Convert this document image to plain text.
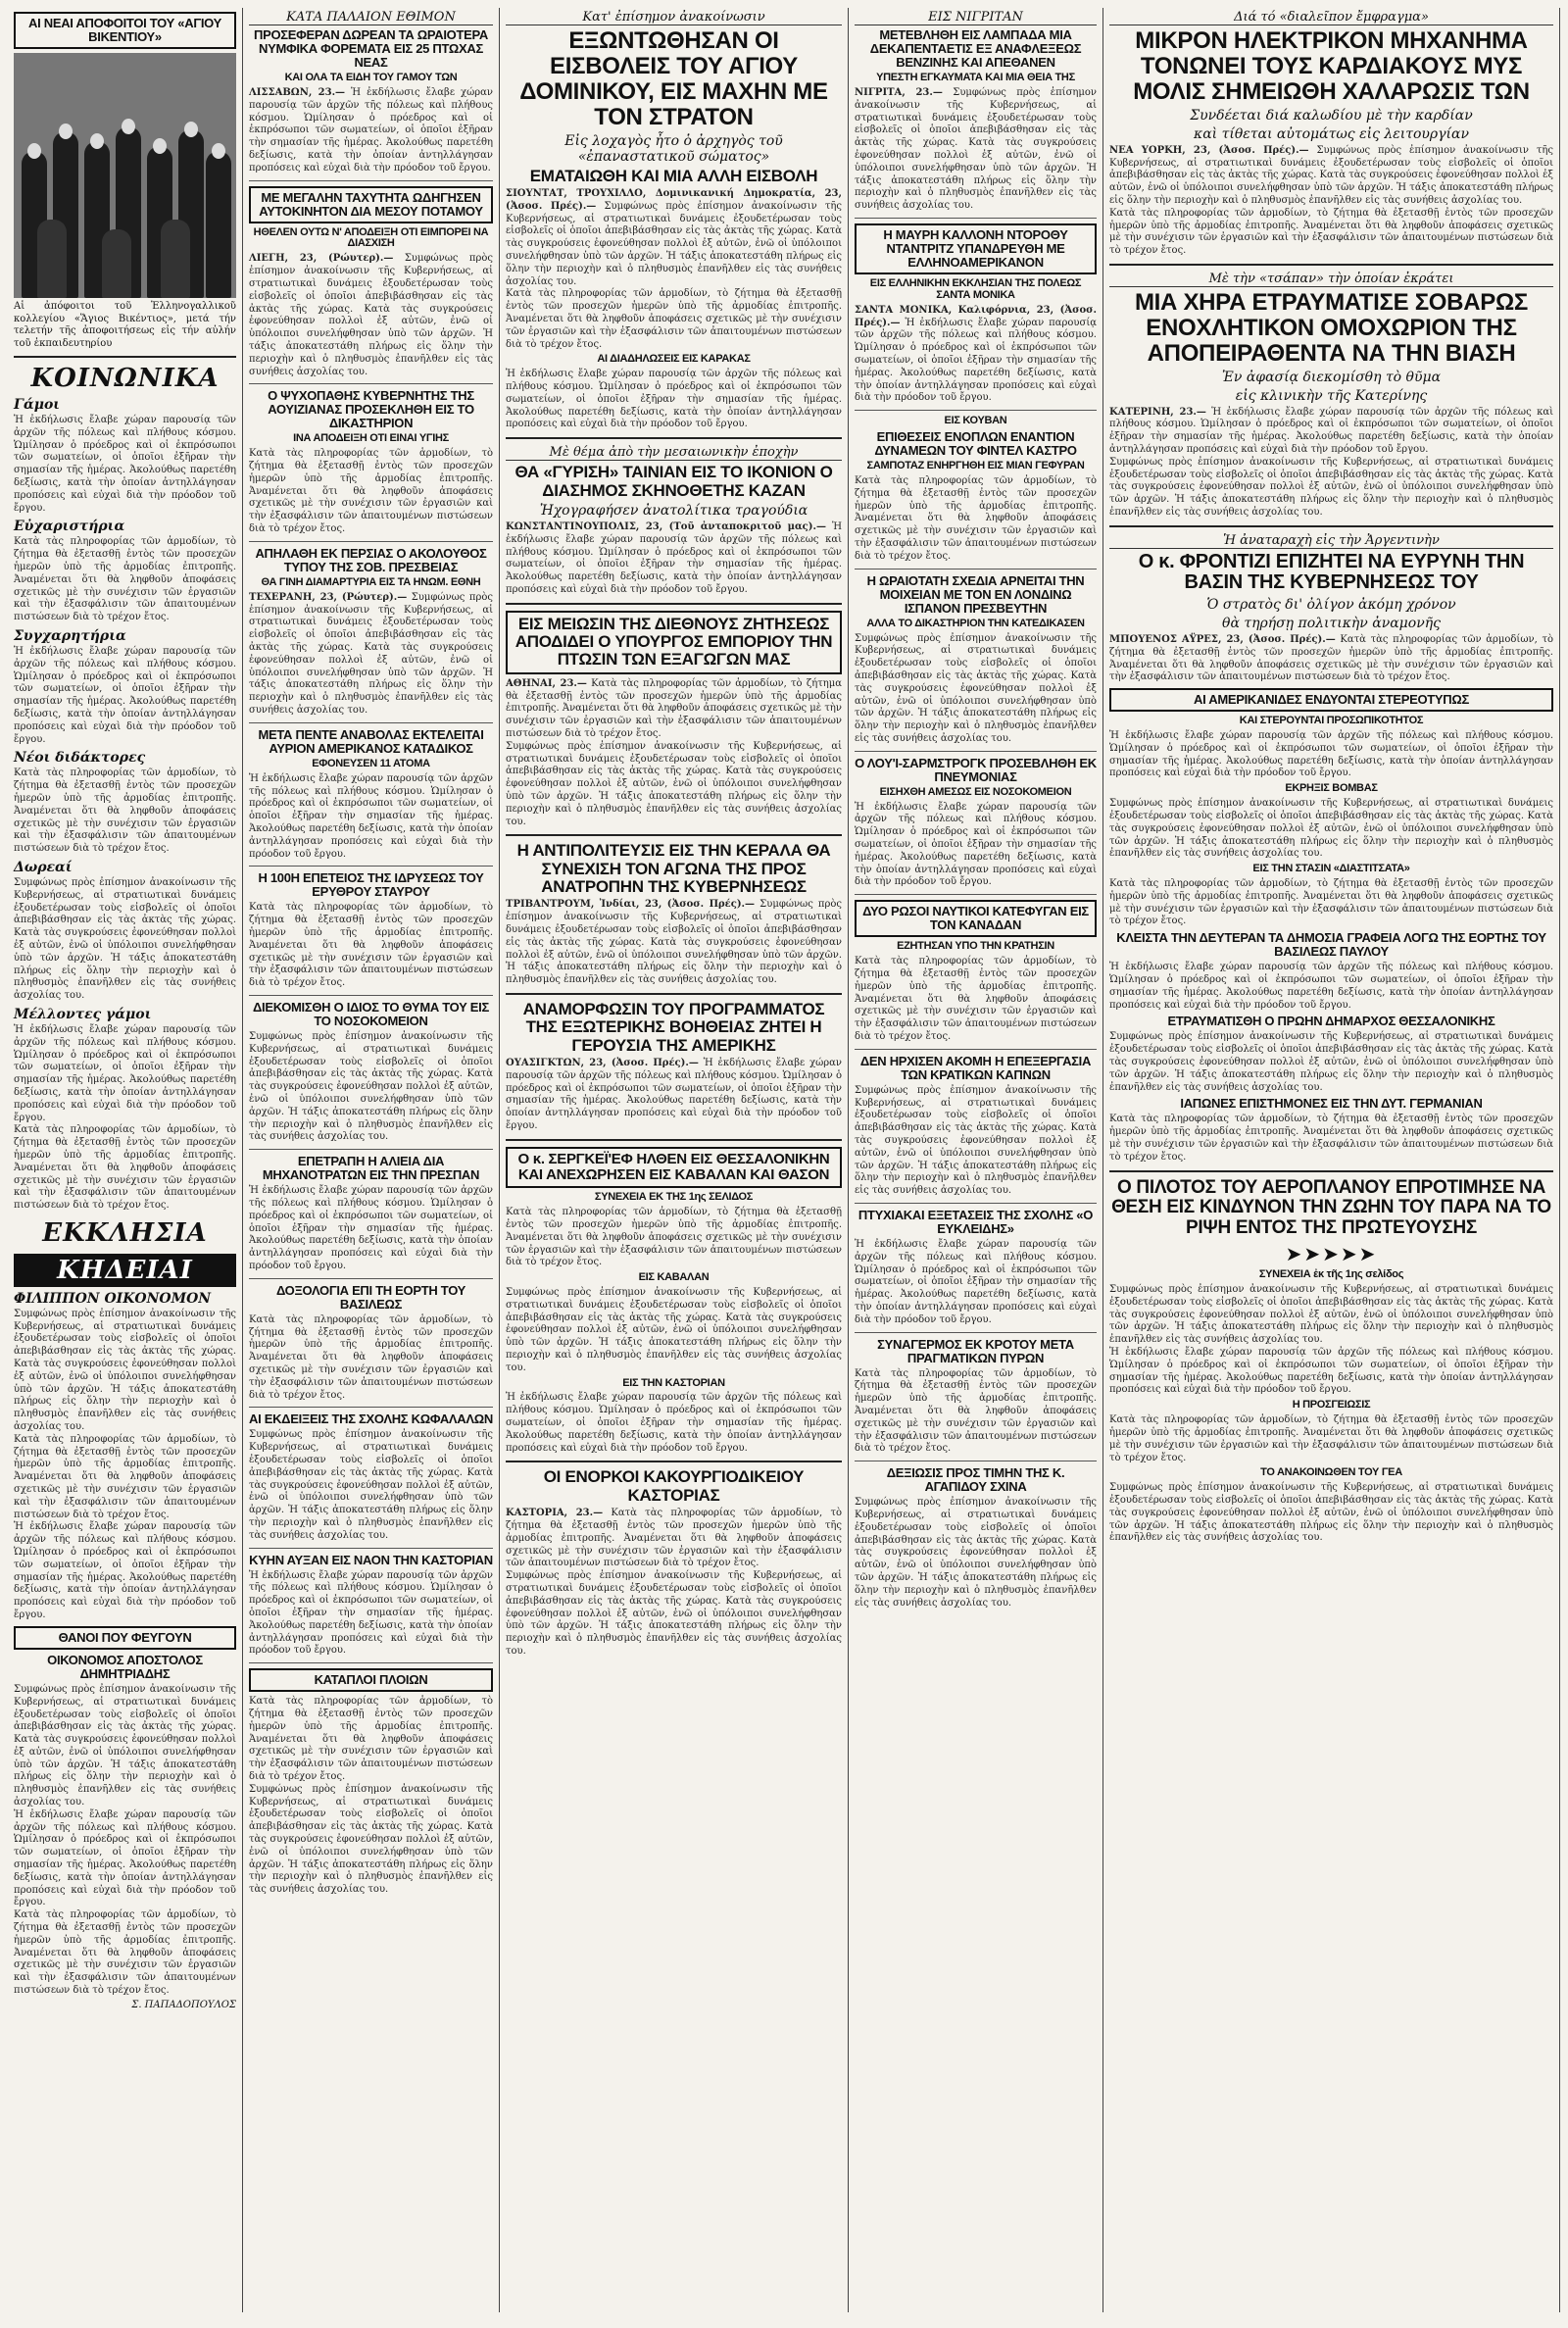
ΑΙ ΝΕΑΙ ΑΠΟΦΟΙΤΟΙ ΤΟΥ «ΑΓΙΟΥ ΒΙΚΕΝΤΙΟΥ»
Αἱ ἀπόφοιτοι τοῦ Ἑλληνογαλλικοῦ κολλεγίου «Ἅγιος Βικέντιος», μετά τήν τελετήν τῆς ἀποφοιτήσεως εἰς τήν αὐλήν τοῦ ἐκπαιδευτηρίου
ΚΟΙΝΩΝΙΚΑ
Γάμοι
Ἡ ἐκδήλωσις ἔλαβε χώραν παρουσίᾳ τῶν ἀρχῶν τῆς πόλεως καὶ πλήθους κόσμου. Ὡμίλησαν ὁ πρόεδρος καὶ οἱ ἐκπρόσωποι τῶν σωματείων, οἱ ὁποῖοι ἐξῆραν τὴν σημασίαν τῆς ἡμέρας. Ἀκολούθως παρετέθη δεξίωσις, κατὰ τὴν ὁποίαν ἀντηλλάγησαν προπόσεις καὶ εὐχαὶ διὰ τὴν πρόοδον τοῦ ἔργου.
Εὐχαριστήρια
Κατὰ τὰς πληροφορίας τῶν ἁρμοδίων, τὸ ζήτημα θὰ ἐξετασθῇ ἐντὸς τῶν προσεχῶν ἡμερῶν ὑπὸ τῆς ἀρμοδίας ἐπιτροπῆς. Ἀναμένεται ὅτι θὰ ληφθοῦν ἀποφάσεις σχετικῶς μὲ τὴν συνέχισιν τῶν ἐργασιῶν καὶ τὴν ἐξασφάλισιν τῶν ἀπαιτουμένων πιστώσεων διὰ τὸ τρέχον ἔτος.
Συγχαρητήρια
Ἡ ἐκδήλωσις ἔλαβε χώραν παρουσίᾳ τῶν ἀρχῶν τῆς πόλεως καὶ πλήθους κόσμου. Ὡμίλησαν ὁ πρόεδρος καὶ οἱ ἐκπρόσωποι τῶν σωματείων, οἱ ὁποῖοι ἐξῆραν τὴν σημασίαν τῆς ἡμέρας. Ἀκολούθως παρετέθη δεξίωσις, κατὰ τὴν ὁποίαν ἀντηλλάγησαν προπόσεις καὶ εὐχαὶ διὰ τὴν πρόοδον τοῦ ἔργου.
Νέοι διδάκτορες
Κατὰ τὰς πληροφορίας τῶν ἁρμοδίων, τὸ ζήτημα θὰ ἐξετασθῇ ἐντὸς τῶν προσεχῶν ἡμερῶν ὑπὸ τῆς ἀρμοδίας ἐπιτροπῆς. Ἀναμένεται ὅτι θὰ ληφθοῦν ἀποφάσεις σχετικῶς μὲ τὴν συνέχισιν τῶν ἐργασιῶν καὶ τὴν ἐξασφάλισιν τῶν ἀπαιτουμένων πιστώσεων διὰ τὸ τρέχον ἔτος.
Δωρεαί
Συμφώνως πρὸς ἐπίσημον ἀνακοίνωσιν τῆς Κυβερνήσεως, αἱ στρατιωτικαὶ δυνάμεις ἐξουδετέρωσαν τοὺς εἰσβολεῖς οἱ ὁποῖοι ἀπεβιβάσθησαν εἰς τὰς ἀκτὰς τῆς χώρας. Κατὰ τὰς συγκρούσεις ἐφονεύθησαν πολλοὶ ἐξ αὐτῶν, ἐνῶ οἱ ὑπόλοιποι συνελήφθησαν ὑπὸ τῶν ἀρχῶν. Ἡ τάξις ἀποκατεστάθη πλήρως εἰς ὅλην τὴν περιοχὴν καὶ ὁ πληθυσμὸς ἐπανῆλθεν εἰς τὰς συνήθεις ἀσχολίας του.
Μέλλοντες γάμοι
Ἡ ἐκδήλωσις ἔλαβε χώραν παρουσίᾳ τῶν ἀρχῶν τῆς πόλεως καὶ πλήθους κόσμου. Ὡμίλησαν ὁ πρόεδρος καὶ οἱ ἐκπρόσωποι τῶν σωματείων, οἱ ὁποῖοι ἐξῆραν τὴν σημασίαν τῆς ἡμέρας. Ἀκολούθως παρετέθη δεξίωσις, κατὰ τὴν ὁποίαν ἀντηλλάγησαν προπόσεις καὶ εὐχαὶ διὰ τὴν πρόοδον τοῦ ἔργου.
Κατὰ τὰς πληροφορίας τῶν ἁρμοδίων, τὸ ζήτημα θὰ ἐξετασθῇ ἐντὸς τῶν προσεχῶν ἡμερῶν ὑπὸ τῆς ἀρμοδίας ἐπιτροπῆς. Ἀναμένεται ὅτι θὰ ληφθοῦν ἀποφάσεις σχετικῶς μὲ τὴν συνέχισιν τῶν ἐργασιῶν καὶ τὴν ἐξασφάλισιν τῶν ἀπαιτουμένων πιστώσεων διὰ τὸ τρέχον ἔτος.
ΕΚΚΛΗΣΙΑ
ΚΗΔΕΙΑΙ
ΦΙΛΙΠΠΟΝ ΟΙΚΟΝΟΜΟΝ
Συμφώνως πρὸς ἐπίσημον ἀνακοίνωσιν τῆς Κυβερνήσεως, αἱ στρατιωτικαὶ δυνάμεις ἐξουδετέρωσαν τοὺς εἰσβολεῖς οἱ ὁποῖοι ἀπεβιβάσθησαν εἰς τὰς ἀκτὰς τῆς χώρας. Κατὰ τὰς συγκρούσεις ἐφονεύθησαν πολλοὶ ἐξ αὐτῶν, ἐνῶ οἱ ὑπόλοιποι συνελήφθησαν ὑπὸ τῶν ἀρχῶν. Ἡ τάξις ἀποκατεστάθη πλήρως εἰς ὅλην τὴν περιοχὴν καὶ ὁ πληθυσμὸς ἐπανῆλθεν εἰς τὰς συνήθεις ἀσχολίας του.
Κατὰ τὰς πληροφορίας τῶν ἁρμοδίων, τὸ ζήτημα θὰ ἐξετασθῇ ἐντὸς τῶν προσεχῶν ἡμερῶν ὑπὸ τῆς ἀρμοδίας ἐπιτροπῆς. Ἀναμένεται ὅτι θὰ ληφθοῦν ἀποφάσεις σχετικῶς μὲ τὴν συνέχισιν τῶν ἐργασιῶν καὶ τὴν ἐξασφάλισιν τῶν ἀπαιτουμένων πιστώσεων διὰ τὸ τρέχον ἔτος.
Ἡ ἐκδήλωσις ἔλαβε χώραν παρουσίᾳ τῶν ἀρχῶν τῆς πόλεως καὶ πλήθους κόσμου. Ὡμίλησαν ὁ πρόεδρος καὶ οἱ ἐκπρόσωποι τῶν σωματείων, οἱ ὁποῖοι ἐξῆραν τὴν σημασίαν τῆς ἡμέρας. Ἀκολούθως παρετέθη δεξίωσις, κατὰ τὴν ὁποίαν ἀντηλλάγησαν προπόσεις καὶ εὐχαὶ διὰ τὴν πρόοδον τοῦ ἔργου.
ΘΑΝΟΙ ΠΟΥ ΦΕΥΓΟΥΝ
ΟΙΚΟΝΟΜΟΣ ΑΠΟΣΤΟΛΟΣ ΔΗΜΗΤΡΙΑΔΗΣ
Συμφώνως πρὸς ἐπίσημον ἀνακοίνωσιν τῆς Κυβερνήσεως, αἱ στρατιωτικαὶ δυνάμεις ἐξουδετέρωσαν τοὺς εἰσβολεῖς οἱ ὁποῖοι ἀπεβιβάσθησαν εἰς τὰς ἀκτὰς τῆς χώρας. Κατὰ τὰς συγκρούσεις ἐφονεύθησαν πολλοὶ ἐξ αὐτῶν, ἐνῶ οἱ ὑπόλοιποι συνελήφθησαν ὑπὸ τῶν ἀρχῶν. Ἡ τάξις ἀποκατεστάθη πλήρως εἰς ὅλην τὴν περιοχὴν καὶ ὁ πληθυσμὸς ἐπανῆλθεν εἰς τὰς συνήθεις ἀσχολίας του.
Ἡ ἐκδήλωσις ἔλαβε χώραν παρουσίᾳ τῶν ἀρχῶν τῆς πόλεως καὶ πλήθους κόσμου. Ὡμίλησαν ὁ πρόεδρος καὶ οἱ ἐκπρόσωποι τῶν σωματείων, οἱ ὁποῖοι ἐξῆραν τὴν σημασίαν τῆς ἡμέρας. Ἀκολούθως παρετέθη δεξίωσις, κατὰ τὴν ὁποίαν ἀντηλλάγησαν προπόσεις καὶ εὐχαὶ διὰ τὴν πρόοδον τοῦ ἔργου.
Κατὰ τὰς πληροφορίας τῶν ἁρμοδίων, τὸ ζήτημα θὰ ἐξετασθῇ ἐντὸς τῶν προσεχῶν ἡμερῶν ὑπὸ τῆς ἀρμοδίας ἐπιτροπῆς. Ἀναμένεται ὅτι θὰ ληφθοῦν ἀποφάσεις σχετικῶς μὲ τὴν συνέχισιν τῶν ἐργασιῶν καὶ τὴν ἐξασφάλισιν τῶν ἀπαιτουμένων πιστώσεων διὰ τὸ τρέχον ἔτος.
Σ. ΠΑΠΑΔΟΠΟΥΛΟΣ
ΚΑΤΑ ΠΑΛΑΙΟΝ ΕΘΙΜΟΝ
ΠΡΟΣΕΦΕΡΑΝ ΔΩΡΕΑΝ ΤΑ ΩΡΑΙΟΤΕΡΑ ΝΥΜΦΙΚΑ ΦΟΡΕΜΑΤΑ ΕΙΣ 25 ΠΤΩΧΑΣ ΝΕΑΣ
ΚΑΙ ΟΛΑ ΤΑ ΕΙΔΗ ΤΟΥ ΓΑΜΟΥ ΤΩΝ
ΛΙΣΣΑΒΩΝ, 23.— Ἡ ἐκδήλωσις ἔλαβε χώραν παρουσίᾳ τῶν ἀρχῶν τῆς πόλεως καὶ πλήθους κόσμου. Ὡμίλησαν ὁ πρόεδρος καὶ οἱ ἐκπρόσωποι τῶν σωματείων, οἱ ὁποῖοι ἐξῆραν τὴν σημασίαν τῆς ἡμέρας. Ἀκολούθως παρετέθη δεξίωσις, κατὰ τὴν ὁποίαν ἀντηλλάγησαν προπόσεις καὶ εὐχαὶ διὰ τὴν πρόοδον τοῦ ἔργου.
ΜΕ ΜΕΓΑΛΗΝ ΤΑΧΥΤΗΤΑ ΩΔΗΓΗΣΕΝ ΑΥΤΟΚΙΝΗΤΟΝ ΔΙΑ ΜΕΣΟΥ ΠΟΤΑΜΟΥ
ΗΘΕΛΕΝ ΟΥΤΩ Ν' ΑΠΟΔΕΙΞΗ ΟΤΙ ΕΙΜΠΟΡΕΙ ΝΑ ΔΙΑΣΧΙΣΗ
ΛΙΕΓΗ, 23, (Ρώυτερ).— Συμφώνως πρὸς ἐπίσημον ἀνακοίνωσιν τῆς Κυβερνήσεως, αἱ στρατιωτικαὶ δυνάμεις ἐξουδετέρωσαν τοὺς εἰσβολεῖς οἱ ὁποῖοι ἀπεβιβάσθησαν εἰς τὰς ἀκτὰς τῆς χώρας. Κατὰ τὰς συγκρούσεις ἐφονεύθησαν πολλοὶ ἐξ αὐτῶν, ἐνῶ οἱ ὑπόλοιποι συνελήφθησαν ὑπὸ τῶν ἀρχῶν. Ἡ τάξις ἀποκατεστάθη πλήρως εἰς ὅλην τὴν περιοχὴν καὶ ὁ πληθυσμὸς ἐπανῆλθεν εἰς τὰς συνήθεις ἀσχολίας του.
Ο ΨΥΧΟΠΑΘΗΣ ΚΥΒΕΡΝΗΤΗΣ ΤΗΣ ΑΟΥΙΖΙΑΝΑΣ ΠΡΟΣΕΚΛΗΘΗ ΕΙΣ ΤΟ ΔΙΚΑΣΤΗΡΙΟΝ
ΙΝΑ ΑΠΟΔΕΙΞΗ ΟΤΙ ΕΙΝΑΙ ΥΓΙΗΣ
Κατὰ τὰς πληροφορίας τῶν ἁρμοδίων, τὸ ζήτημα θὰ ἐξετασθῇ ἐντὸς τῶν προσεχῶν ἡμερῶν ὑπὸ τῆς ἀρμοδίας ἐπιτροπῆς. Ἀναμένεται ὅτι θὰ ληφθοῦν ἀποφάσεις σχετικῶς μὲ τὴν συνέχισιν τῶν ἐργασιῶν καὶ τὴν ἐξασφάλισιν τῶν ἀπαιτουμένων πιστώσεων διὰ τὸ τρέχον ἔτος.
ΑΠΗΛΑΘΗ ΕΚ ΠΕΡΣΙΑΣ Ο ΑΚΟΛΟΥΘΟΣ ΤΥΠΟΥ ΤΗΣ ΣΟΒ. ΠΡΕΣΒΕΙΑΣ
ΘΑ ΓΙΝΗ ΔΙΑΜΑΡΤΥΡΙΑ ΕΙΣ ΤΑ ΗΝΩΜ. ΕΘΝΗ
ΤΕΧΕΡΑΝΗ, 23, (Ρώυτερ).— Συμφώνως πρὸς ἐπίσημον ἀνακοίνωσιν τῆς Κυβερνήσεως, αἱ στρατιωτικαὶ δυνάμεις ἐξουδετέρωσαν τοὺς εἰσβολεῖς οἱ ὁποῖοι ἀπεβιβάσθησαν εἰς τὰς ἀκτὰς τῆς χώρας. Κατὰ τὰς συγκρούσεις ἐφονεύθησαν πολλοὶ ἐξ αὐτῶν, ἐνῶ οἱ ὑπόλοιποι συνελήφθησαν ὑπὸ τῶν ἀρχῶν. Ἡ τάξις ἀποκατεστάθη πλήρως εἰς ὅλην τὴν περιοχὴν καὶ ὁ πληθυσμὸς ἐπανῆλθεν εἰς τὰς συνήθεις ἀσχολίας του.
ΜΕΤΑ ΠΕΝΤΕ ΑΝΑΒΟΛΑΣ ΕΚΤΕΛΕΙΤΑΙ ΑΥΡΙΟΝ ΑΜΕΡΙΚΑΝΟΣ ΚΑΤΑΔΙΚΟΣ
ΕΦΟΝΕΥΣΕΝ 11 ΑΤΟΜΑ
Ἡ ἐκδήλωσις ἔλαβε χώραν παρουσίᾳ τῶν ἀρχῶν τῆς πόλεως καὶ πλήθους κόσμου. Ὡμίλησαν ὁ πρόεδρος καὶ οἱ ἐκπρόσωποι τῶν σωματείων, οἱ ὁποῖοι ἐξῆραν τὴν σημασίαν τῆς ἡμέρας. Ἀκολούθως παρετέθη δεξίωσις, κατὰ τὴν ὁποίαν ἀντηλλάγησαν προπόσεις καὶ εὐχαὶ διὰ τὴν πρόοδον τοῦ ἔργου.
Η 100Η ΕΠΕΤΕΙΟΣ ΤΗΣ ΙΔΡΥΣΕΩΣ ΤΟΥ ΕΡΥΘΡΟΥ ΣΤΑΥΡΟΥ
Κατὰ τὰς πληροφορίας τῶν ἁρμοδίων, τὸ ζήτημα θὰ ἐξετασθῇ ἐντὸς τῶν προσεχῶν ἡμερῶν ὑπὸ τῆς ἀρμοδίας ἐπιτροπῆς. Ἀναμένεται ὅτι θὰ ληφθοῦν ἀποφάσεις σχετικῶς μὲ τὴν συνέχισιν τῶν ἐργασιῶν καὶ τὴν ἐξασφάλισιν τῶν ἀπαιτουμένων πιστώσεων διὰ τὸ τρέχον ἔτος.
ΔΙΕΚΟΜΙΣΘΗ Ο ΙΔΙΟΣ ΤΟ ΘΥΜΑ ΤΟΥ ΕΙΣ ΤΟ ΝΟΣΟΚΟΜΕΙΟΝ
Συμφώνως πρὸς ἐπίσημον ἀνακοίνωσιν τῆς Κυβερνήσεως, αἱ στρατιωτικαὶ δυνάμεις ἐξουδετέρωσαν τοὺς εἰσβολεῖς οἱ ὁποῖοι ἀπεβιβάσθησαν εἰς τὰς ἀκτὰς τῆς χώρας. Κατὰ τὰς συγκρούσεις ἐφονεύθησαν πολλοὶ ἐξ αὐτῶν, ἐνῶ οἱ ὑπόλοιποι συνελήφθησαν ὑπὸ τῶν ἀρχῶν. Ἡ τάξις ἀποκατεστάθη πλήρως εἰς ὅλην τὴν περιοχὴν καὶ ὁ πληθυσμὸς ἐπανῆλθεν εἰς τὰς συνήθεις ἀσχολίας του.
ΕΠΕΤΡΑΠΗ Η ΑΛΙΕΙΑ ΔΙΑ ΜΗΧΑΝΟΤΡΑΤΩΝ ΕΙΣ ΤΗΝ ΠΡΕΣΠΑΝ
Ἡ ἐκδήλωσις ἔλαβε χώραν παρουσίᾳ τῶν ἀρχῶν τῆς πόλεως καὶ πλήθους κόσμου. Ὡμίλησαν ὁ πρόεδρος καὶ οἱ ἐκπρόσωποι τῶν σωματείων, οἱ ὁποῖοι ἐξῆραν τὴν σημασίαν τῆς ἡμέρας. Ἀκολούθως παρετέθη δεξίωσις, κατὰ τὴν ὁποίαν ἀντηλλάγησαν προπόσεις καὶ εὐχαὶ διὰ τὴν πρόοδον τοῦ ἔργου.
ΔΟΞΟΛΟΓΙΑ ΕΠΙ ΤΗ ΕΟΡΤΗ ΤΟΥ ΒΑΣΙΛΕΩΣ
Κατὰ τὰς πληροφορίας τῶν ἁρμοδίων, τὸ ζήτημα θὰ ἐξετασθῇ ἐντὸς τῶν προσεχῶν ἡμερῶν ὑπὸ τῆς ἀρμοδίας ἐπιτροπῆς. Ἀναμένεται ὅτι θὰ ληφθοῦν ἀποφάσεις σχετικῶς μὲ τὴν συνέχισιν τῶν ἐργασιῶν καὶ τὴν ἐξασφάλισιν τῶν ἀπαιτουμένων πιστώσεων διὰ τὸ τρέχον ἔτος.
ΑΙ ΕΚΔΕΙΞΕΙΣ ΤΗΣ ΣΧΟΛΗΣ ΚΩΦΑΛΑΛΩΝ
Συμφώνως πρὸς ἐπίσημον ἀνακοίνωσιν τῆς Κυβερνήσεως, αἱ στρατιωτικαὶ δυνάμεις ἐξουδετέρωσαν τοὺς εἰσβολεῖς οἱ ὁποῖοι ἀπεβιβάσθησαν εἰς τὰς ἀκτὰς τῆς χώρας. Κατὰ τὰς συγκρούσεις ἐφονεύθησαν πολλοὶ ἐξ αὐτῶν, ἐνῶ οἱ ὑπόλοιποι συνελήφθησαν ὑπὸ τῶν ἀρχῶν. Ἡ τάξις ἀποκατεστάθη πλήρως εἰς ὅλην τὴν περιοχὴν καὶ ὁ πληθυσμὸς ἐπανῆλθεν εἰς τὰς συνήθεις ἀσχολίας του.
ΚΥΗΝ ΑΥΞΑΝ ΕΙΣ ΝΑΟΝ ΤΗΝ ΚΑΣΤΟΡΙΑΝ
Ἡ ἐκδήλωσις ἔλαβε χώραν παρουσίᾳ τῶν ἀρχῶν τῆς πόλεως καὶ πλήθους κόσμου. Ὡμίλησαν ὁ πρόεδρος καὶ οἱ ἐκπρόσωποι τῶν σωματείων, οἱ ὁποῖοι ἐξῆραν τὴν σημασίαν τῆς ἡμέρας. Ἀκολούθως παρετέθη δεξίωσις, κατὰ τὴν ὁποίαν ἀντηλλάγησαν προπόσεις καὶ εὐχαὶ διὰ τὴν πρόοδον τοῦ ἔργου.
ΚΑΤΑΠΛΟΙ ΠΛΟΙΩΝ
Κατὰ τὰς πληροφορίας τῶν ἁρμοδίων, τὸ ζήτημα θὰ ἐξετασθῇ ἐντὸς τῶν προσεχῶν ἡμερῶν ὑπὸ τῆς ἀρμοδίας ἐπιτροπῆς. Ἀναμένεται ὅτι θὰ ληφθοῦν ἀποφάσεις σχετικῶς μὲ τὴν συνέχισιν τῶν ἐργασιῶν καὶ τὴν ἐξασφάλισιν τῶν ἀπαιτουμένων πιστώσεων διὰ τὸ τρέχον ἔτος.
Συμφώνως πρὸς ἐπίσημον ἀνακοίνωσιν τῆς Κυβερνήσεως, αἱ στρατιωτικαὶ δυνάμεις ἐξουδετέρωσαν τοὺς εἰσβολεῖς οἱ ὁποῖοι ἀπεβιβάσθησαν εἰς τὰς ἀκτὰς τῆς χώρας. Κατὰ τὰς συγκρούσεις ἐφονεύθησαν πολλοὶ ἐξ αὐτῶν, ἐνῶ οἱ ὑπόλοιποι συνελήφθησαν ὑπὸ τῶν ἀρχῶν. Ἡ τάξις ἀποκατεστάθη πλήρως εἰς ὅλην τὴν περιοχὴν καὶ ὁ πληθυσμὸς ἐπανῆλθεν εἰς τὰς συνήθεις ἀσχολίας του.
Κατ' ἐπίσημον ἀνακοίνωσιν
ΕΞΩΝΤΩΘΗΣΑΝ ΟΙ ΕΙΣΒΟΛΕΙΣ ΤΟΥ ΑΓΙΟΥ ΔΟΜΙΝΙΚΟΥ, ΕΙΣ ΜΑΧΗΝ ΜΕ ΤΟΝ ΣΤΡΑΤΟΝ
Εἰς λοχαγὸς ἦτο ὁ ἀρχηγὸς τοῦ «ἐπαναστατικοῦ σώματος»
ΕΜΑΤΑΙΩΘΗ ΚΑΙ ΜΙΑ ΑΛΛΗ ΕΙΣΒΟΛΗ
ΣΙΟΥΝΤΑΤ, ΤΡΟΥΧΙΛΛΟ, Δομινικανική Δημοκρατία, 23, (Ἀσοσ. Πρές).— Συμφώνως πρὸς ἐπίσημον ἀνακοίνωσιν τῆς Κυβερνήσεως, αἱ στρατιωτικαὶ δυνάμεις ἐξουδετέρωσαν τοὺς εἰσβολεῖς οἱ ὁποῖοι ἀπεβιβάσθησαν εἰς τὰς ἀκτὰς τῆς χώρας. Κατὰ τὰς συγκρούσεις ἐφονεύθησαν πολλοὶ ἐξ αὐτῶν, ἐνῶ οἱ ὑπόλοιποι συνελήφθησαν ὑπὸ τῶν ἀρχῶν. Ἡ τάξις ἀποκατεστάθη πλήρως εἰς ὅλην τὴν περιοχὴν καὶ ὁ πληθυσμὸς ἐπανῆλθεν εἰς τὰς συνήθεις ἀσχολίας του.
Κατὰ τὰς πληροφορίας τῶν ἁρμοδίων, τὸ ζήτημα θὰ ἐξετασθῇ ἐντὸς τῶν προσεχῶν ἡμερῶν ὑπὸ τῆς ἀρμοδίας ἐπιτροπῆς. Ἀναμένεται ὅτι θὰ ληφθοῦν ἀποφάσεις σχετικῶς μὲ τὴν συνέχισιν τῶν ἐργασιῶν καὶ τὴν ἐξασφάλισιν τῶν ἀπαιτουμένων πιστώσεων διὰ τὸ τρέχον ἔτος.
ΑΙ ΔΙΑΔΗΛΩΣΕΙΣ ΕΙΣ ΚΑΡΑΚΑΣ
Ἡ ἐκδήλωσις ἔλαβε χώραν παρουσίᾳ τῶν ἀρχῶν τῆς πόλεως καὶ πλήθους κόσμου. Ὡμίλησαν ὁ πρόεδρος καὶ οἱ ἐκπρόσωποι τῶν σωματείων, οἱ ὁποῖοι ἐξῆραν τὴν σημασίαν τῆς ἡμέρας. Ἀκολούθως παρετέθη δεξίωσις, κατὰ τὴν ὁποίαν ἀντηλλάγησαν προπόσεις καὶ εὐχαὶ διὰ τὴν πρόοδον τοῦ ἔργου.
Μὲ θέμα ἀπὸ τὴν μεσαιωνικὴν ἐποχὴν
ΘΑ «ΓΥΡΙΣΗ» ΤΑΙΝΙΑΝ ΕΙΣ ΤΟ ΙΚΟΝΙΟΝ Ο ΔΙΑΣΗΜΟΣ ΣΚΗΝΟΘΕΤΗΣ ΚΑΖΑΝ
Ἠχογραφήσεν ἀνατολίτικα τραγούδια
ΚΩΝΣΤΑΝΤΙΝΟΥΠΟΛΙΣ, 23, (Τοῦ ἀνταποκριτοῦ μας).— Ἡ ἐκδήλωσις ἔλαβε χώραν παρουσίᾳ τῶν ἀρχῶν τῆς πόλεως καὶ πλήθους κόσμου. Ὡμίλησαν ὁ πρόεδρος καὶ οἱ ἐκπρόσωποι τῶν σωματείων, οἱ ὁποῖοι ἐξῆραν τὴν σημασίαν τῆς ἡμέρας. Ἀκολούθως παρετέθη δεξίωσις, κατὰ τὴν ὁποίαν ἀντηλλάγησαν προπόσεις καὶ εὐχαὶ διὰ τὴν πρόοδον τοῦ ἔργου.
ΕΙΣ ΜΕΙΩΣΙΝ ΤΗΣ ΔΙΕΘΝΟΥΣ ΖΗΤΗΣΕΩΣ ΑΠΟΔΙΔΕΙ Ο ΥΠΟΥΡΓΟΣ ΕΜΠΟΡΙΟΥ ΤΗΝ ΠΤΩΣΙΝ ΤΩΝ ΕΞΑΓΩΓΩΝ ΜΑΣ
ΑΘΗΝΑΙ, 23.— Κατὰ τὰς πληροφορίας τῶν ἁρμοδίων, τὸ ζήτημα θὰ ἐξετασθῇ ἐντὸς τῶν προσεχῶν ἡμερῶν ὑπὸ τῆς ἀρμοδίας ἐπιτροπῆς. Ἀναμένεται ὅτι θὰ ληφθοῦν ἀποφάσεις σχετικῶς μὲ τὴν συνέχισιν τῶν ἐργασιῶν καὶ τὴν ἐξασφάλισιν τῶν ἀπαιτουμένων πιστώσεων διὰ τὸ τρέχον ἔτος.
Συμφώνως πρὸς ἐπίσημον ἀνακοίνωσιν τῆς Κυβερνήσεως, αἱ στρατιωτικαὶ δυνάμεις ἐξουδετέρωσαν τοὺς εἰσβολεῖς οἱ ὁποῖοι ἀπεβιβάσθησαν εἰς τὰς ἀκτὰς τῆς χώρας. Κατὰ τὰς συγκρούσεις ἐφονεύθησαν πολλοὶ ἐξ αὐτῶν, ἐνῶ οἱ ὑπόλοιποι συνελήφθησαν ὑπὸ τῶν ἀρχῶν. Ἡ τάξις ἀποκατεστάθη πλήρως εἰς ὅλην τὴν περιοχὴν καὶ ὁ πληθυσμὸς ἐπανῆλθεν εἰς τὰς συνήθεις ἀσχολίας του.
Η ΑΝΤΙΠΟΛΙΤΕΥΣΙΣ ΕΙΣ ΤΗΝ ΚΕΡΑΛΑ ΘΑ ΣΥΝΕΧΙΣΗ ΤΟΝ ΑΓΩΝΑ ΤΗΣ ΠΡΟΣ ΑΝΑΤΡΟΠΗΝ ΤΗΣ ΚΥΒΕΡΝΗΣΕΩΣ
ΤΡΙΒΑΝΤΡΟΥΜ, Ἰνδίαι, 23, (Ἀσοσ. Πρές).— Συμφώνως πρὸς ἐπίσημον ἀνακοίνωσιν τῆς Κυβερνήσεως, αἱ στρατιωτικαὶ δυνάμεις ἐξουδετέρωσαν τοὺς εἰσβολεῖς οἱ ὁποῖοι ἀπεβιβάσθησαν εἰς τὰς ἀκτὰς τῆς χώρας. Κατὰ τὰς συγκρούσεις ἐφονεύθησαν πολλοὶ ἐξ αὐτῶν, ἐνῶ οἱ ὑπόλοιποι συνελήφθησαν ὑπὸ τῶν ἀρχῶν. Ἡ τάξις ἀποκατεστάθη πλήρως εἰς ὅλην τὴν περιοχὴν καὶ ὁ πληθυσμὸς ἐπανῆλθεν εἰς τὰς συνήθεις ἀσχολίας του.
ΑΝΑΜΟΡΦΩΣΙΝ ΤΟΥ ΠΡΟΓΡΑΜΜΑΤΟΣ ΤΗΣ ΕΞΩΤΕΡΙΚΗΣ ΒΟΗΘΕΙΑΣ ΖΗΤΕΙ Η ΓΕΡΟΥΣΙΑ ΤΗΣ ΑΜΕΡΙΚΗΣ
ΟΥΑΣΙΓΚΤΩΝ, 23, (Ἀσοσ. Πρές).— Ἡ ἐκδήλωσις ἔλαβε χώραν παρουσίᾳ τῶν ἀρχῶν τῆς πόλεως καὶ πλήθους κόσμου. Ὡμίλησαν ὁ πρόεδρος καὶ οἱ ἐκπρόσωποι τῶν σωματείων, οἱ ὁποῖοι ἐξῆραν τὴν σημασίαν τῆς ἡμέρας. Ἀκολούθως παρετέθη δεξίωσις, κατὰ τὴν ὁποίαν ἀντηλλάγησαν προπόσεις καὶ εὐχαὶ διὰ τὴν πρόοδον τοῦ ἔργου.
Ο κ. ΣΕΡΓΚΕΪ'ΕΦ ΗΛΘΕΝ ΕΙΣ ΘΕΣΣΑΛΟΝΙΚΗΝ ΚΑΙ ΑΝΕΧΩΡΗΣΕΝ ΕΙΣ ΚΑΒΑΛΑΝ ΚΑΙ ΘΑΣΟΝ
ΣΥΝΕΧΕΙΑ ΕΚ ΤΗΣ 1ης ΣΕΛΙΔΟΣ
Κατὰ τὰς πληροφορίας τῶν ἁρμοδίων, τὸ ζήτημα θὰ ἐξετασθῇ ἐντὸς τῶν προσεχῶν ἡμερῶν ὑπὸ τῆς ἀρμοδίας ἐπιτροπῆς. Ἀναμένεται ὅτι θὰ ληφθοῦν ἀποφάσεις σχετικῶς μὲ τὴν συνέχισιν τῶν ἐργασιῶν καὶ τὴν ἐξασφάλισιν τῶν ἀπαιτουμένων πιστώσεων διὰ τὸ τρέχον ἔτος.
ΕΙΣ ΚΑΒΑΛΑΝ
Συμφώνως πρὸς ἐπίσημον ἀνακοίνωσιν τῆς Κυβερνήσεως, αἱ στρατιωτικαὶ δυνάμεις ἐξουδετέρωσαν τοὺς εἰσβολεῖς οἱ ὁποῖοι ἀπεβιβάσθησαν εἰς τὰς ἀκτὰς τῆς χώρας. Κατὰ τὰς συγκρούσεις ἐφονεύθησαν πολλοὶ ἐξ αὐτῶν, ἐνῶ οἱ ὑπόλοιποι συνελήφθησαν ὑπὸ τῶν ἀρχῶν. Ἡ τάξις ἀποκατεστάθη πλήρως εἰς ὅλην τὴν περιοχὴν καὶ ὁ πληθυσμὸς ἐπανῆλθεν εἰς τὰς συνήθεις ἀσχολίας του.
ΕΙΣ ΤΗΝ ΚΑΣΤΟΡΙΑΝ
Ἡ ἐκδήλωσις ἔλαβε χώραν παρουσίᾳ τῶν ἀρχῶν τῆς πόλεως καὶ πλήθους κόσμου. Ὡμίλησαν ὁ πρόεδρος καὶ οἱ ἐκπρόσωποι τῶν σωματείων, οἱ ὁποῖοι ἐξῆραν τὴν σημασίαν τῆς ἡμέρας. Ἀκολούθως παρετέθη δεξίωσις, κατὰ τὴν ὁποίαν ἀντηλλάγησαν προπόσεις καὶ εὐχαὶ διὰ τὴν πρόοδον τοῦ ἔργου.
ΟΙ ΕΝΟΡΚΟΙ ΚΑΚΟΥΡΓΙΟΔΙΚΕΙΟΥ ΚΑΣΤΟΡΙΑΣ
ΚΑΣΤΟΡΙΑ, 23.— Κατὰ τὰς πληροφορίας τῶν ἁρμοδίων, τὸ ζήτημα θὰ ἐξετασθῇ ἐντὸς τῶν προσεχῶν ἡμερῶν ὑπὸ τῆς ἀρμοδίας ἐπιτροπῆς. Ἀναμένεται ὅτι θὰ ληφθοῦν ἀποφάσεις σχετικῶς μὲ τὴν συνέχισιν τῶν ἐργασιῶν καὶ τὴν ἐξασφάλισιν τῶν ἀπαιτουμένων πιστώσεων διὰ τὸ τρέχον ἔτος.
Συμφώνως πρὸς ἐπίσημον ἀνακοίνωσιν τῆς Κυβερνήσεως, αἱ στρατιωτικαὶ δυνάμεις ἐξουδετέρωσαν τοὺς εἰσβολεῖς οἱ ὁποῖοι ἀπεβιβάσθησαν εἰς τὰς ἀκτὰς τῆς χώρας. Κατὰ τὰς συγκρούσεις ἐφονεύθησαν πολλοὶ ἐξ αὐτῶν, ἐνῶ οἱ ὑπόλοιποι συνελήφθησαν ὑπὸ τῶν ἀρχῶν. Ἡ τάξις ἀποκατεστάθη πλήρως εἰς ὅλην τὴν περιοχὴν καὶ ὁ πληθυσμὸς ἐπανῆλθεν εἰς τὰς συνήθεις ἀσχολίας του.
ΕΙΣ ΝΙΓΡΙΤΑΝ
ΜΕΤΕΒΛΗΘΗ ΕΙΣ ΛΑΜΠΑΔΑ ΜΙΑ ΔΕΚΑΠΕΝΤΑΕΤΙΣ ΕΞ ΑΝΑΦΛΕΞΕΩΣ ΒΕΝΖΙΝΗΣ ΚΑΙ ΑΠΕΘΑΝΕΝ
ΥΠΕΣΤΗ ΕΓΚΑΥΜΑΤΑ ΚΑΙ ΜΙΑ ΘΕΙΑ ΤΗΣ
ΝΙΓΡΙΤΑ, 23.— Συμφώνως πρὸς ἐπίσημον ἀνακοίνωσιν τῆς Κυβερνήσεως, αἱ στρατιωτικαὶ δυνάμεις ἐξουδετέρωσαν τοὺς εἰσβολεῖς οἱ ὁποῖοι ἀπεβιβάσθησαν εἰς τὰς ἀκτὰς τῆς χώρας. Κατὰ τὰς συγκρούσεις ἐφονεύθησαν πολλοὶ ἐξ αὐτῶν, ἐνῶ οἱ ὑπόλοιποι συνελήφθησαν ὑπὸ τῶν ἀρχῶν. Ἡ τάξις ἀποκατεστάθη πλήρως εἰς ὅλην τὴν περιοχὴν καὶ ὁ πληθυσμὸς ἐπανῆλθεν εἰς τὰς συνήθεις ἀσχολίας του.
Η ΜΑΥΡΗ ΚΑΛΛΟΝΗ ΝΤΟΡΟΘΥ ΝΤΑΝΤΡΙΤΖ ΥΠΑΝΔΡΕΥΘΗ ΜΕ ΕΛΛΗΝΟΑΜΕΡΙΚΑΝΟΝ
ΕΙΣ ΕΛΛΗΝΙΚΗΝ ΕΚΚΛΗΣΙΑΝ ΤΗΣ ΠΟΛΕΩΣ ΣΑΝΤΑ ΜΟΝΙΚΑ
ΣΑΝΤΑ ΜΟΝΙΚΑ, Καλιφόρνια, 23, (Ἀσοσ. Πρές).— Ἡ ἐκδήλωσις ἔλαβε χώραν παρουσίᾳ τῶν ἀρχῶν τῆς πόλεως καὶ πλήθους κόσμου. Ὡμίλησαν ὁ πρόεδρος καὶ οἱ ἐκπρόσωποι τῶν σωματείων, οἱ ὁποῖοι ἐξῆραν τὴν σημασίαν τῆς ἡμέρας. Ἀκολούθως παρετέθη δεξίωσις, κατὰ τὴν ὁποίαν ἀντηλλάγησαν προπόσεις καὶ εὐχαὶ διὰ τὴν πρόοδον τοῦ ἔργου.
ΕΙΣ ΚΟΥΒΑΝ
ΕΠΙΘΕΣΕΙΣ ΕΝΟΠΛΩΝ ΕΝΑΝΤΙΟΝ ΔΥΝΑΜΕΩΝ ΤΟΥ ΦΙΝΤΕΛ ΚΑΣΤΡΟ
ΣΑΜΠΟΤΑΖ ΕΝΗΡΓΗΘΗ ΕΙΣ ΜΙΑΝ ΓΕΦΥΡΑΝ
Κατὰ τὰς πληροφορίας τῶν ἁρμοδίων, τὸ ζήτημα θὰ ἐξετασθῇ ἐντὸς τῶν προσεχῶν ἡμερῶν ὑπὸ τῆς ἀρμοδίας ἐπιτροπῆς. Ἀναμένεται ὅτι θὰ ληφθοῦν ἀποφάσεις σχετικῶς μὲ τὴν συνέχισιν τῶν ἐργασιῶν καὶ τὴν ἐξασφάλισιν τῶν ἀπαιτουμένων πιστώσεων διὰ τὸ τρέχον ἔτος.
Η ΩΡΑΙΟΤΑΤΗ ΣΧΕΔΙΑ ΑΡΝΕΙΤΑΙ ΤΗΝ ΜΟΙΧΕΙΑΝ ΜΕ ΤΟΝ ΕΝ ΛΟΝΔΙΝΩ ΙΣΠΑΝΟΝ ΠΡΕΣΒΕΥΤΗΝ
ΑΛΛΑ ΤΟ ΔΙΚΑΣΤΗΡΙΟΝ ΤΗΝ ΚΑΤΕΔΙΚΑΣΕΝ
Συμφώνως πρὸς ἐπίσημον ἀνακοίνωσιν τῆς Κυβερνήσεως, αἱ στρατιωτικαὶ δυνάμεις ἐξουδετέρωσαν τοὺς εἰσβολεῖς οἱ ὁποῖοι ἀπεβιβάσθησαν εἰς τὰς ἀκτὰς τῆς χώρας. Κατὰ τὰς συγκρούσεις ἐφονεύθησαν πολλοὶ ἐξ αὐτῶν, ἐνῶ οἱ ὑπόλοιποι συνελήφθησαν ὑπὸ τῶν ἀρχῶν. Ἡ τάξις ἀποκατεστάθη πλήρως εἰς ὅλην τὴν περιοχὴν καὶ ὁ πληθυσμὸς ἐπανῆλθεν εἰς τὰς συνήθεις ἀσχολίας του.
Ο ΛΟΥ'Ι-ΣΑΡΜΣΤΡΟΓΚ ΠΡΟΣΕΒΛΗΘΗ ΕΚ ΠΝΕΥΜΟΝΙΑΣ
ΕΙΣΗΧΘΗ ΑΜΕΣΩΣ ΕΙΣ ΝΟΣΟΚΟΜΕΙΟΝ
Ἡ ἐκδήλωσις ἔλαβε χώραν παρουσίᾳ τῶν ἀρχῶν τῆς πόλεως καὶ πλήθους κόσμου. Ὡμίλησαν ὁ πρόεδρος καὶ οἱ ἐκπρόσωποι τῶν σωματείων, οἱ ὁποῖοι ἐξῆραν τὴν σημασίαν τῆς ἡμέρας. Ἀκολούθως παρετέθη δεξίωσις, κατὰ τὴν ὁποίαν ἀντηλλάγησαν προπόσεις καὶ εὐχαὶ διὰ τὴν πρόοδον τοῦ ἔργου.
ΔΥΟ ΡΩΣΟΙ ΝΑΥΤΙΚΟΙ ΚΑΤΕΦΥΓΑΝ ΕΙΣ ΤΟΝ ΚΑΝΑΔΑΝ
ΕΖΗΤΗΣΑΝ ΥΠΟ ΤΗΝ ΚΡΑΤΗΣΙΝ
Κατὰ τὰς πληροφορίας τῶν ἁρμοδίων, τὸ ζήτημα θὰ ἐξετασθῇ ἐντὸς τῶν προσεχῶν ἡμερῶν ὑπὸ τῆς ἀρμοδίας ἐπιτροπῆς. Ἀναμένεται ὅτι θὰ ληφθοῦν ἀποφάσεις σχετικῶς μὲ τὴν συνέχισιν τῶν ἐργασιῶν καὶ τὴν ἐξασφάλισιν τῶν ἀπαιτουμένων πιστώσεων διὰ τὸ τρέχον ἔτος.
ΔΕΝ ΗΡΧΙΣΕΝ ΑΚΟΜΗ Η ΕΠΕΞΕΡΓΑΣΙΑ ΤΩΝ ΚΡΑΤΙΚΩΝ ΚΑΠΝΩΝ
Συμφώνως πρὸς ἐπίσημον ἀνακοίνωσιν τῆς Κυβερνήσεως, αἱ στρατιωτικαὶ δυνάμεις ἐξουδετέρωσαν τοὺς εἰσβολεῖς οἱ ὁποῖοι ἀπεβιβάσθησαν εἰς τὰς ἀκτὰς τῆς χώρας. Κατὰ τὰς συγκρούσεις ἐφονεύθησαν πολλοὶ ἐξ αὐτῶν, ἐνῶ οἱ ὑπόλοιποι συνελήφθησαν ὑπὸ τῶν ἀρχῶν. Ἡ τάξις ἀποκατεστάθη πλήρως εἰς ὅλην τὴν περιοχὴν καὶ ὁ πληθυσμὸς ἐπανῆλθεν εἰς τὰς συνήθεις ἀσχολίας του.
ΠΤΥΧΙΑΚΑΙ ΕΞΕΤΑΣΕΙΣ ΤΗΣ ΣΧΟΛΗΣ «Ο ΕΥΚΛΕΙΔΗΣ»
Ἡ ἐκδήλωσις ἔλαβε χώραν παρουσίᾳ τῶν ἀρχῶν τῆς πόλεως καὶ πλήθους κόσμου. Ὡμίλησαν ὁ πρόεδρος καὶ οἱ ἐκπρόσωποι τῶν σωματείων, οἱ ὁποῖοι ἐξῆραν τὴν σημασίαν τῆς ἡμέρας. Ἀκολούθως παρετέθη δεξίωσις, κατὰ τὴν ὁποίαν ἀντηλλάγησαν προπόσεις καὶ εὐχαὶ διὰ τὴν πρόοδον τοῦ ἔργου.
ΣΥΝΑΓΕΡΜΟΣ ΕΚ ΚΡΟΤΟΥ ΜΕΤΑ ΠΡΑΓΜΑΤΙΚΩΝ ΠΥΡΩΝ
Κατὰ τὰς πληροφορίας τῶν ἁρμοδίων, τὸ ζήτημα θὰ ἐξετασθῇ ἐντὸς τῶν προσεχῶν ἡμερῶν ὑπὸ τῆς ἀρμοδίας ἐπιτροπῆς. Ἀναμένεται ὅτι θὰ ληφθοῦν ἀποφάσεις σχετικῶς μὲ τὴν συνέχισιν τῶν ἐργασιῶν καὶ τὴν ἐξασφάλισιν τῶν ἀπαιτουμένων πιστώσεων διὰ τὸ τρέχον ἔτος.
ΔΕΞΙΩΣΙΣ ΠΡΟΣ ΤΙΜΗΝ ΤΗΣ Κ. ΑΓΑΠΙΔΟΥ ΣΧΙΝΑ
Συμφώνως πρὸς ἐπίσημον ἀνακοίνωσιν τῆς Κυβερνήσεως, αἱ στρατιωτικαὶ δυνάμεις ἐξουδετέρωσαν τοὺς εἰσβολεῖς οἱ ὁποῖοι ἀπεβιβάσθησαν εἰς τὰς ἀκτὰς τῆς χώρας. Κατὰ τὰς συγκρούσεις ἐφονεύθησαν πολλοὶ ἐξ αὐτῶν, ἐνῶ οἱ ὑπόλοιποι συνελήφθησαν ὑπὸ τῶν ἀρχῶν. Ἡ τάξις ἀποκατεστάθη πλήρως εἰς ὅλην τὴν περιοχὴν καὶ ὁ πληθυσμὸς ἐπανῆλθεν εἰς τὰς συνήθεις ἀσχολίας του.
Διά τό «διαλεῖπον ἔμφραγμα»
ΜΙΚΡΟΝ ΗΛΕΚΤΡΙΚΟΝ ΜΗΧΑΝΗΜΑ ΤΟΝΩΝΕΙ ΤΟΥΣ ΚΑΡΔΙΑΚΟΥΣ ΜΥΣ ΜΟΛΙΣ ΣΗΜΕΙΩΘΗ ΧΑΛΑΡΩΣΙΣ ΤΩΝ
Συνδέεται διά καλωδίου μὲ τὴν καρδίαν
καὶ τίθεται αὐτομάτως εἰς λειτουργίαν
ΝΕΑ ΥΟΡΚΗ, 23, (Ἀσοσ. Πρές).— Συμφώνως πρὸς ἐπίσημον ἀνακοίνωσιν τῆς Κυβερνήσεως, αἱ στρατιωτικαὶ δυνάμεις ἐξουδετέρωσαν τοὺς εἰσβολεῖς οἱ ὁποῖοι ἀπεβιβάσθησαν εἰς τὰς ἀκτὰς τῆς χώρας. Κατὰ τὰς συγκρούσεις ἐφονεύθησαν πολλοὶ ἐξ αὐτῶν, ἐνῶ οἱ ὑπόλοιποι συνελήφθησαν ὑπὸ τῶν ἀρχῶν. Ἡ τάξις ἀποκατεστάθη πλήρως εἰς ὅλην τὴν περιοχὴν καὶ ὁ πληθυσμὸς ἐπανῆλθεν εἰς τὰς συνήθεις ἀσχολίας του.
Κατὰ τὰς πληροφορίας τῶν ἁρμοδίων, τὸ ζήτημα θὰ ἐξετασθῇ ἐντὸς τῶν προσεχῶν ἡμερῶν ὑπὸ τῆς ἀρμοδίας ἐπιτροπῆς. Ἀναμένεται ὅτι θὰ ληφθοῦν ἀποφάσεις σχετικῶς μὲ τὴν συνέχισιν τῶν ἐργασιῶν καὶ τὴν ἐξασφάλισιν τῶν ἀπαιτουμένων πιστώσεων διὰ τὸ τρέχον ἔτος.
Μὲ τὴν «τσάπαν» τὴν ὁποίαν ἐκράτει
ΜΙΑ ΧΗΡΑ ΕΤΡΑΥΜΑΤΙΣΕ ΣΟΒΑΡΩΣ ΕΝΟΧΛΗΤΙΚΟΝ ΟΜΟΧΩΡΙΟΝ ΤΗΣ ΑΠΟΠΕΙΡΑΘΕΝΤΑ ΝΑ ΤΗΝ ΒΙΑΣΗ
Ἐν ἀφασίᾳ διεκομίσθη τὸ θῦμα
εἰς κλινικὴν τῆς Κατερίνης
ΚΑΤΕΡΙΝΗ, 23.— Ἡ ἐκδήλωσις ἔλαβε χώραν παρουσίᾳ τῶν ἀρχῶν τῆς πόλεως καὶ πλήθους κόσμου. Ὡμίλησαν ὁ πρόεδρος καὶ οἱ ἐκπρόσωποι τῶν σωματείων, οἱ ὁποῖοι ἐξῆραν τὴν σημασίαν τῆς ἡμέρας. Ἀκολούθως παρετέθη δεξίωσις, κατὰ τὴν ὁποίαν ἀντηλλάγησαν προπόσεις καὶ εὐχαὶ διὰ τὴν πρόοδον τοῦ ἔργου.
Συμφώνως πρὸς ἐπίσημον ἀνακοίνωσιν τῆς Κυβερνήσεως, αἱ στρατιωτικαὶ δυνάμεις ἐξουδετέρωσαν τοὺς εἰσβολεῖς οἱ ὁποῖοι ἀπεβιβάσθησαν εἰς τὰς ἀκτὰς τῆς χώρας. Κατὰ τὰς συγκρούσεις ἐφονεύθησαν πολλοὶ ἐξ αὐτῶν, ἐνῶ οἱ ὑπόλοιποι συνελήφθησαν ὑπὸ τῶν ἀρχῶν. Ἡ τάξις ἀποκατεστάθη πλήρως εἰς ὅλην τὴν περιοχὴν καὶ ὁ πληθυσμὸς ἐπανῆλθεν εἰς τὰς συνήθεις ἀσχολίας του.
Ἡ ἀναταραχὴ εἰς τὴν Ἀργεντινὴν
Ο κ. ΦΡΟΝΤΙΖΙ ΕΠΙΖΗΤΕΙ ΝΑ ΕΥΡΥΝΗ ΤΗΝ ΒΑΣΙΝ ΤΗΣ ΚΥΒΕΡΝΗΣΕΩΣ ΤΟΥ
Ὁ στρατὸς δι' ὀλίγον ἀκόμη χρόνον
θὰ τηρήσῃ πολιτικὴν ἀναμονῆς
ΜΠΟΥΕΝΟΣ ΑΫΡΕΣ, 23, (Ἀσοσ. Πρές).— Κατὰ τὰς πληροφορίας τῶν ἁρμοδίων, τὸ ζήτημα θὰ ἐξετασθῇ ἐντὸς τῶν προσεχῶν ἡμερῶν ὑπὸ τῆς ἀρμοδίας ἐπιτροπῆς. Ἀναμένεται ὅτι θὰ ληφθοῦν ἀποφάσεις σχετικῶς μὲ τὴν συνέχισιν τῶν ἐργασιῶν καὶ τὴν ἐξασφάλισιν τῶν ἀπαιτουμένων πιστώσεων διὰ τὸ τρέχον ἔτος.
ΑΙ ΑΜΕΡΙΚΑΝΙΔΕΣ ΕΝΔΥΟΝΤΑΙ ΣΤΕΡΕΟΤΥΠΩΣ
ΚΑΙ ΣΤΕΡΟΥΝΤΑΙ ΠΡΟΣΩΠΙΚΟΤΗΤΟΣ
Ἡ ἐκδήλωσις ἔλαβε χώραν παρουσίᾳ τῶν ἀρχῶν τῆς πόλεως καὶ πλήθους κόσμου. Ὡμίλησαν ὁ πρόεδρος καὶ οἱ ἐκπρόσωποι τῶν σωματείων, οἱ ὁποῖοι ἐξῆραν τὴν σημασίαν τῆς ἡμέρας. Ἀκολούθως παρετέθη δεξίωσις, κατὰ τὴν ὁποίαν ἀντηλλάγησαν προπόσεις καὶ εὐχαὶ διὰ τὴν πρόοδον τοῦ ἔργου.
ΕΚΡΗΞΙΣ ΒΟΜΒΑΣ
Συμφώνως πρὸς ἐπίσημον ἀνακοίνωσιν τῆς Κυβερνήσεως, αἱ στρατιωτικαὶ δυνάμεις ἐξουδετέρωσαν τοὺς εἰσβολεῖς οἱ ὁποῖοι ἀπεβιβάσθησαν εἰς τὰς ἀκτὰς τῆς χώρας. Κατὰ τὰς συγκρούσεις ἐφονεύθησαν πολλοὶ ἐξ αὐτῶν, ἐνῶ οἱ ὑπόλοιποι συνελήφθησαν ὑπὸ τῶν ἀρχῶν. Ἡ τάξις ἀποκατεστάθη πλήρως εἰς ὅλην τὴν περιοχὴν καὶ ὁ πληθυσμὸς ἐπανῆλθεν εἰς τὰς συνήθεις ἀσχολίας του.
ΕΙΣ ΤΗΝ ΣΤΑΣΙΝ «ΔΙΑΣΤΙΤΣΑΤΑ»
Κατὰ τὰς πληροφορίας τῶν ἁρμοδίων, τὸ ζήτημα θὰ ἐξετασθῇ ἐντὸς τῶν προσεχῶν ἡμερῶν ὑπὸ τῆς ἀρμοδίας ἐπιτροπῆς. Ἀναμένεται ὅτι θὰ ληφθοῦν ἀποφάσεις σχετικῶς μὲ τὴν συνέχισιν τῶν ἐργασιῶν καὶ τὴν ἐξασφάλισιν τῶν ἀπαιτουμένων πιστώσεων διὰ τὸ τρέχον ἔτος.
ΚΛΕΙΣΤΑ ΤΗΝ ΔΕΥΤΕΡΑΝ ΤΑ ΔΗΜΟΣΙΑ ΓΡΑΦΕΙΑ ΛΟΓΩ ΤΗΣ ΕΟΡΤΗΣ ΤΟΥ ΒΑΣΙΛΕΩΣ ΠΑΥΛΟΥ
Ἡ ἐκδήλωσις ἔλαβε χώραν παρουσίᾳ τῶν ἀρχῶν τῆς πόλεως καὶ πλήθους κόσμου. Ὡμίλησαν ὁ πρόεδρος καὶ οἱ ἐκπρόσωποι τῶν σωματείων, οἱ ὁποῖοι ἐξῆραν τὴν σημασίαν τῆς ἡμέρας. Ἀκολούθως παρετέθη δεξίωσις, κατὰ τὴν ὁποίαν ἀντηλλάγησαν προπόσεις καὶ εὐχαὶ διὰ τὴν πρόοδον τοῦ ἔργου.
ΕΤΡΑΥΜΑΤΙΣΘΗ Ο ΠΡΩΗΝ ΔΗΜΑΡΧΟΣ ΘΕΣΣΑΛΟΝΙΚΗΣ
Συμφώνως πρὸς ἐπίσημον ἀνακοίνωσιν τῆς Κυβερνήσεως, αἱ στρατιωτικαὶ δυνάμεις ἐξουδετέρωσαν τοὺς εἰσβολεῖς οἱ ὁποῖοι ἀπεβιβάσθησαν εἰς τὰς ἀκτὰς τῆς χώρας. Κατὰ τὰς συγκρούσεις ἐφονεύθησαν πολλοὶ ἐξ αὐτῶν, ἐνῶ οἱ ὑπόλοιποι συνελήφθησαν ὑπὸ τῶν ἀρχῶν. Ἡ τάξις ἀποκατεστάθη πλήρως εἰς ὅλην τὴν περιοχὴν καὶ ὁ πληθυσμὸς ἐπανῆλθεν εἰς τὰς συνήθεις ἀσχολίας του.
ΙΑΠΩΝΕΣ ΕΠΙΣΤΗΜΟΝΕΣ ΕΙΣ ΤΗΝ ΔΥΤ. ΓΕΡΜΑΝΙΑΝ
Κατὰ τὰς πληροφορίας τῶν ἁρμοδίων, τὸ ζήτημα θὰ ἐξετασθῇ ἐντὸς τῶν προσεχῶν ἡμερῶν ὑπὸ τῆς ἀρμοδίας ἐπιτροπῆς. Ἀναμένεται ὅτι θὰ ληφθοῦν ἀποφάσεις σχετικῶς μὲ τὴν συνέχισιν τῶν ἐργασιῶν καὶ τὴν ἐξασφάλισιν τῶν ἀπαιτουμένων πιστώσεων διὰ τὸ τρέχον ἔτος.
Ο ΠΙΛΟΤΟΣ ΤΟΥ ΑΕΡΟΠΛΑΝΟΥ ΕΠΡΟΤΙΜΗΣΕ ΝΑ ΘΕΣΗ ΕΙΣ ΚΙΝΔΥΝΟΝ ΤΗΝ ΖΩΗΝ ΤΟΥ ΠΑΡΑ ΝΑ ΤΟ ΡΙΨΗ ΕΝΤΟΣ ΤΗΣ ΠΡΩΤΕΥΟΥΣΗΣ
➤➤➤➤➤
ΣΥΝΕΧΕΙΑ ἐκ τῆς 1ης σελίδος
Συμφώνως πρὸς ἐπίσημον ἀνακοίνωσιν τῆς Κυβερνήσεως, αἱ στρατιωτικαὶ δυνάμεις ἐξουδετέρωσαν τοὺς εἰσβολεῖς οἱ ὁποῖοι ἀπεβιβάσθησαν εἰς τὰς ἀκτὰς τῆς χώρας. Κατὰ τὰς συγκρούσεις ἐφονεύθησαν πολλοὶ ἐξ αὐτῶν, ἐνῶ οἱ ὑπόλοιποι συνελήφθησαν ὑπὸ τῶν ἀρχῶν. Ἡ τάξις ἀποκατεστάθη πλήρως εἰς ὅλην τὴν περιοχὴν καὶ ὁ πληθυσμὸς ἐπανῆλθεν εἰς τὰς συνήθεις ἀσχολίας του.
Ἡ ἐκδήλωσις ἔλαβε χώραν παρουσίᾳ τῶν ἀρχῶν τῆς πόλεως καὶ πλήθους κόσμου. Ὡμίλησαν ὁ πρόεδρος καὶ οἱ ἐκπρόσωποι τῶν σωματείων, οἱ ὁποῖοι ἐξῆραν τὴν σημασίαν τῆς ἡμέρας. Ἀκολούθως παρετέθη δεξίωσις, κατὰ τὴν ὁποίαν ἀντηλλάγησαν προπόσεις καὶ εὐχαὶ διὰ τὴν πρόοδον τοῦ ἔργου.
Η ΠΡΟΣΓΕΙΩΣΙΣ
Κατὰ τὰς πληροφορίας τῶν ἁρμοδίων, τὸ ζήτημα θὰ ἐξετασθῇ ἐντὸς τῶν προσεχῶν ἡμερῶν ὑπὸ τῆς ἀρμοδίας ἐπιτροπῆς. Ἀναμένεται ὅτι θὰ ληφθοῦν ἀποφάσεις σχετικῶς μὲ τὴν συνέχισιν τῶν ἐργασιῶν καὶ τὴν ἐξασφάλισιν τῶν ἀπαιτουμένων πιστώσεων διὰ τὸ τρέχον ἔτος.
ΤΟ ΑΝΑΚΟΙΝΩΘΕΝ ΤΟΥ ΓΕΑ
Συμφώνως πρὸς ἐπίσημον ἀνακοίνωσιν τῆς Κυβερνήσεως, αἱ στρατιωτικαὶ δυνάμεις ἐξουδετέρωσαν τοὺς εἰσβολεῖς οἱ ὁποῖοι ἀπεβιβάσθησαν εἰς τὰς ἀκτὰς τῆς χώρας. Κατὰ τὰς συγκρούσεις ἐφονεύθησαν πολλοὶ ἐξ αὐτῶν, ἐνῶ οἱ ὑπόλοιποι συνελήφθησαν ὑπὸ τῶν ἀρχῶν. Ἡ τάξις ἀποκατεστάθη πλήρως εἰς ὅλην τὴν περιοχὴν καὶ ὁ πληθυσμὸς ἐπανῆλθεν εἰς τὰς συνήθεις ἀσχολίας του.
